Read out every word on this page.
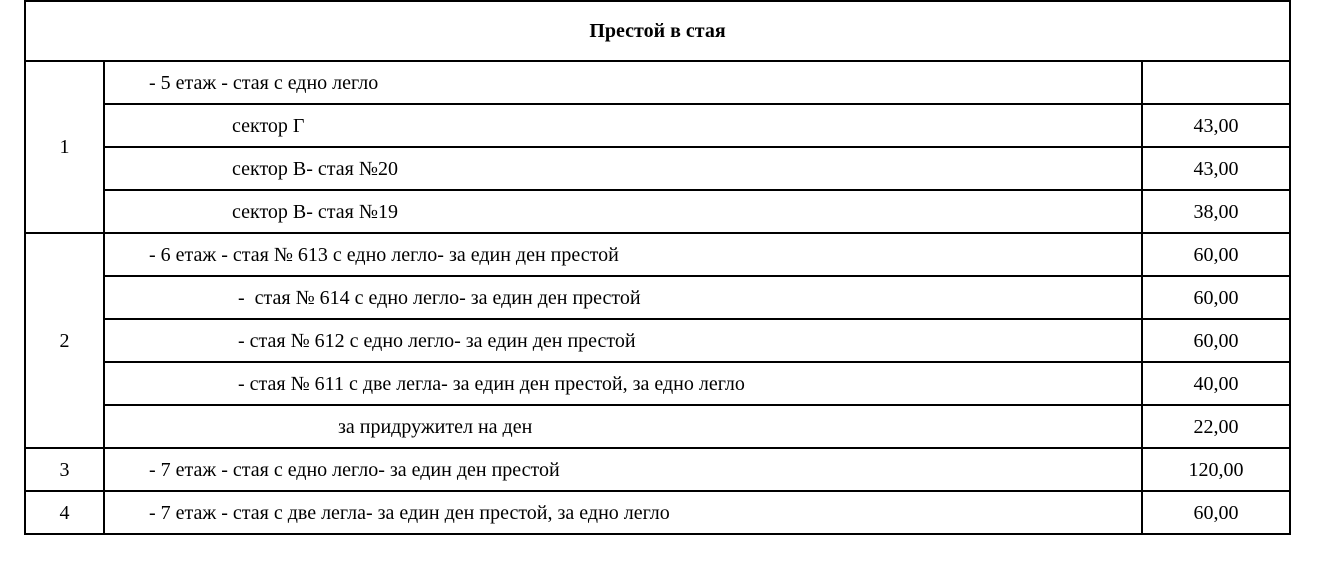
Престой в стая		
1	- 5 етаж - стая с едно легло	
	сектор Г	43,00
	сектор В- стая №20	43,00
	сектор В- стая №19	38,00
2	- 6 етаж - стая № 613 с едно легло- за един ден престой	60,00
	-  стая № 614 с едно легло- за един ден престой	60,00
	- стая № 612 с едно легло- за един ден престой	60,00
	- стая № 611 с две легла- за един ден престой, за едно легло	40,00
	за придружител на ден	22,00
3	- 7 етаж - стая с едно легло- за един ден престой	120,00
4	- 7 етаж - стая с две легла- за един ден престой, за едно легло	60,00
